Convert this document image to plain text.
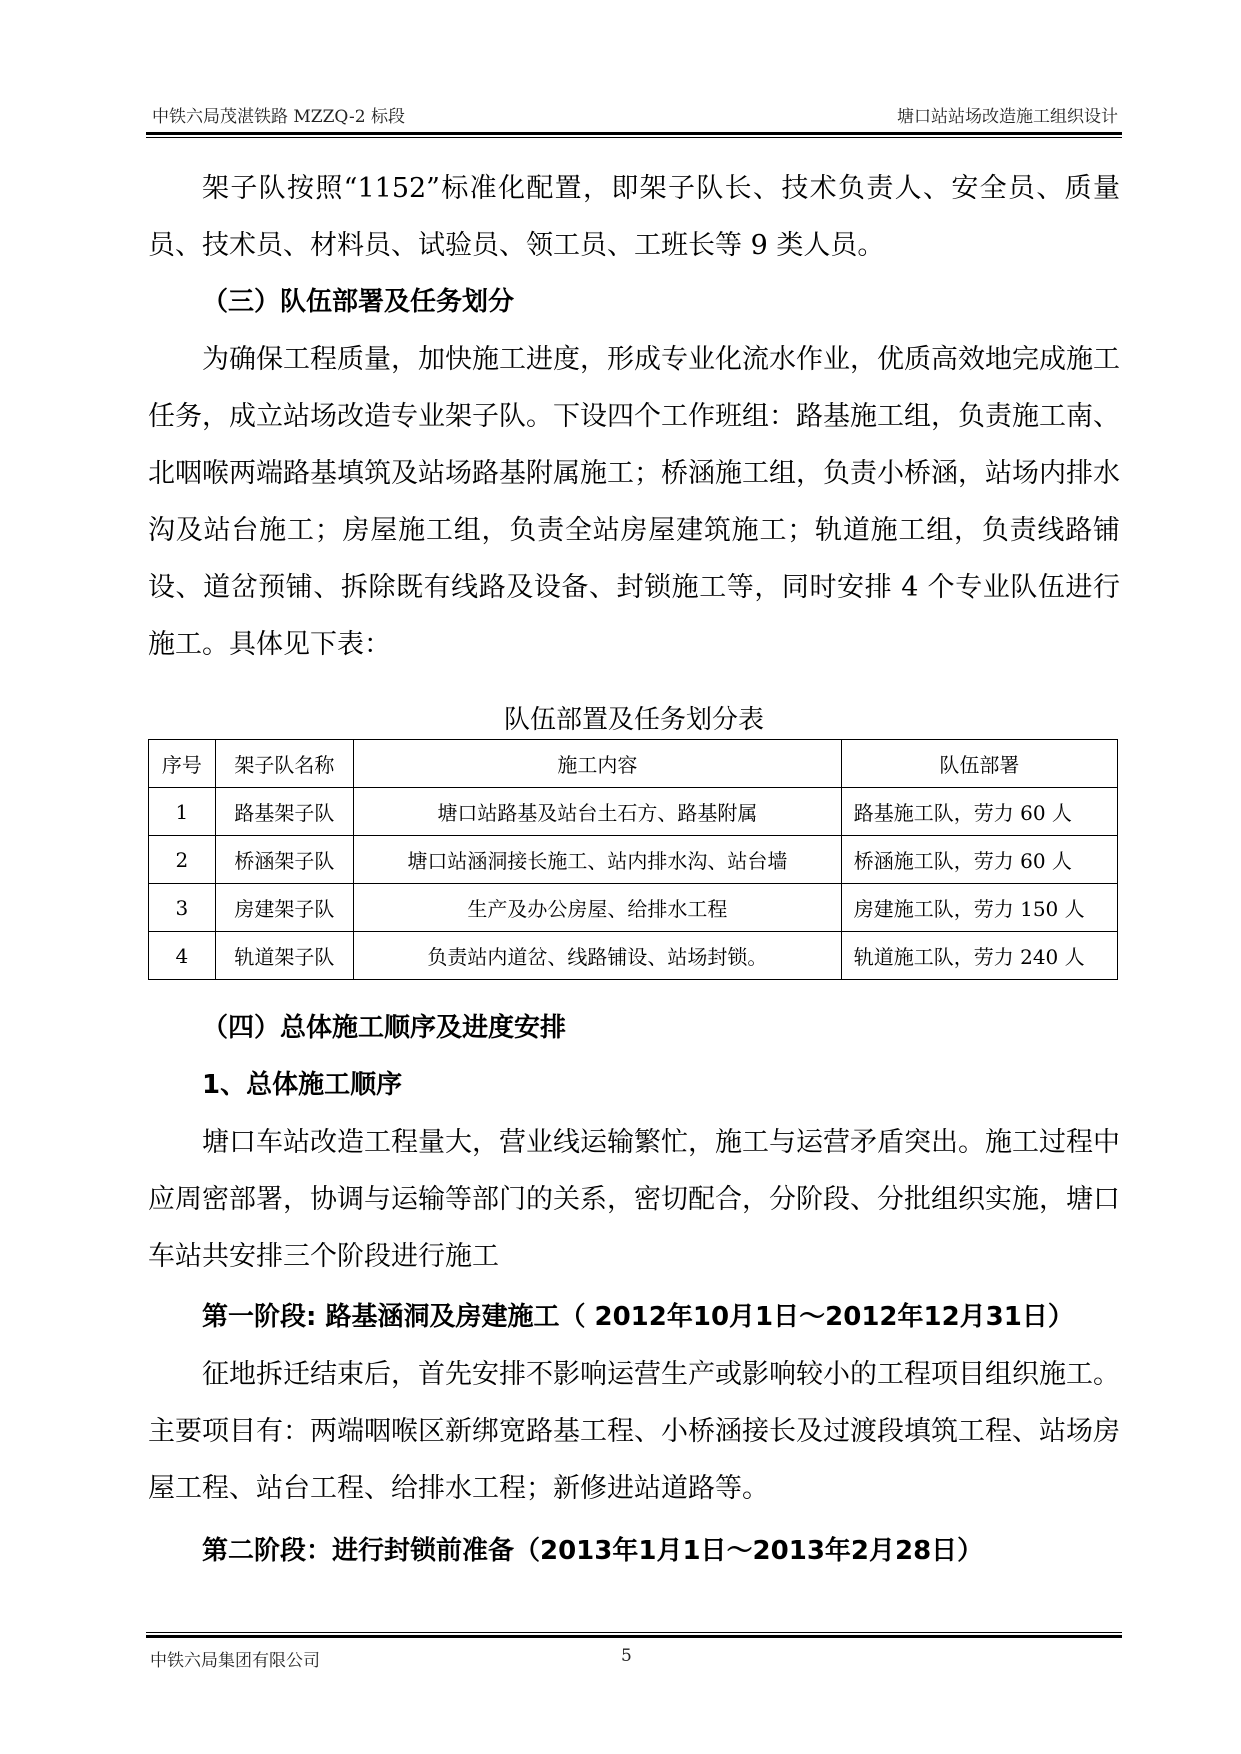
中铁六局茂湛铁路 MZZQ-2 标段	塘口站站场改造施工组织设计

架子队按照“1152”标准化配置，即架子队长、技术负责人、安全员、质量员、技术员、材料员、试验员、领工员、工班长等 9 类人员。

（三）队伍部署及任务划分

为确保工程质量，加快施工进度，形成专业化流水作业，优质高效地完成施工任务，成立站场改造专业架子队。下设四个工作班组：路基施工组，负责施工南、北咽喉两端路基填筑及站场路基附属施工；桥涵施工组，负责小桥涵，站场内排水沟及站台施工；房屋施工组，负责全站房屋建筑施工；轨道施工组，负责线路铺设、道岔预铺、拆除既有线路及设备、封锁施工等，同时安排 4 个专业队伍进行施工。具体见下表：

队伍部置及任务划分表
序号	架子队名称	施工内容	队伍部署
1	路基架子队	塘口站路基及站台土石方、路基附属	路基施工队，劳力 60 人
2	桥涵架子队	塘口站涵洞接长施工、站内排水沟、站台墙	桥涵施工队，劳力 60 人
3	房建架子队	生产及办公房屋、给排水工程	房建施工队，劳力 150 人
4	轨道架子队	负责站内道岔、线路铺设、站场封锁。	轨道施工队，劳力 240 人

（四）总体施工顺序及进度安排

1、总体施工顺序

塘口车站改造工程量大，营业线运输繁忙，施工与运营矛盾突出。施工过程中应周密部署，协调与运输等部门的关系，密切配合，分阶段、分批组织实施，塘口车站共安排三个阶段进行施工

第一阶段: 路基涵洞及房建施工（ 2012年10月1日～2012年12月31日）

征地拆迁结束后，首先安排不影响运营生产或影响较小的工程项目组织施工。主要项目有：两端咽喉区新绑宽路基工程、小桥涵接长及过渡段填筑工程、站场房屋工程、站台工程、给排水工程；新修进站道路等。

第二阶段：进行封锁前准备（2013年1月1日～2013年2月28日）

中铁六局集团有限公司	5
